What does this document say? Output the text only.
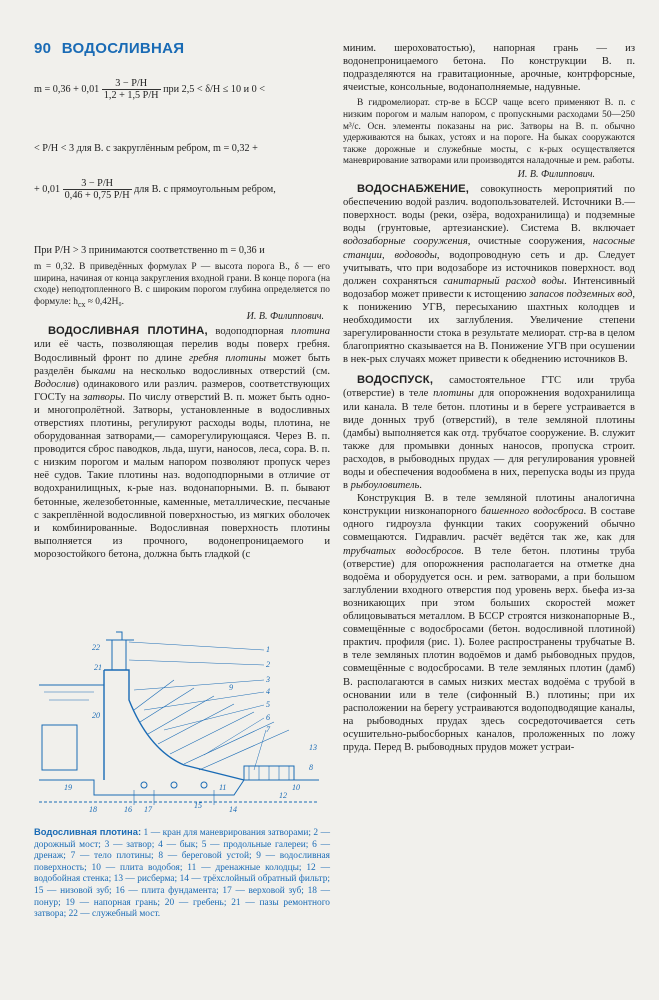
90 ВОДОСЛИВНАЯ
$m = 0,36 + 0,01 \frac{3 - P/H}{1,2 + 1,5 P/H}$ при 2,5 < δ/H ≤ 10 и 0 <
< P/H < 3 для В. с закруглённым ребром, m = 0,32 +
+ $0,01 \frac{3 - P/H}{0,46 + 0,75 P/H}$ для В. с прямоугольным ребром,
При P/H > 3 принимаются соответственно m = 0,36 и

m = 0,32. В приведённых формулах P — высота порога В., δ — его ширина, начиная от конца закругления входной грани. В конце порога (на сходе) неподтопленного В. с широким порогом глубина определяется по формуле: $h_{cx} \approx 0,42H_0$.

И. В. Филиппович.

ВОДОСЛИВНАЯ ПЛОТИНА, водоподпорная плотина или её часть, позволяющая перелив воды поверх гребня. Водосливный фронт по длине гребня плотины может быть разделён быками на несколько водосливных отверстий (см. Водослив) одинакового или различ. размеров, соответствующих ГОСТу на затворы. По числу отверстий В. п. может быть одно- и многопролётной. Затворы, установленные в водосливных отверстиях плотины, регулируют расходы воды, плотина, не оборудованная затворами,— саморегулирующаяся. Через В. п. проводится сброс паводков, льда, шуги, наносов, леса, сора. В. п. с низким порогом и малым напором позволяют пропуск через неё судов. Такие плотины наз. водоподпорными в отличие от водохранилищных, к-рые наз. водонапорными. В. п. бывают бетонные, железобетонные, каменные, металлические, песчаные с закреплённой водосливной поверхностью, из мягких оболочек и комбинированные. Водосливная поверхность плотины выполняется из прочного, водонепроницаемого и морозостойкого бетона, должна быть гладкой (с

1
2
3
4
5
6
7
8
9
10
11
12
13
14
15
16 17
18
19
20
21
22
Водосливная плотина: 1 — кран для маневрирования затворами; 2 — дорожный мост; 3 — затвор; 4 — бык; 5 — продольные галереи; 6 — дренаж; 7 — тело плотины; 8 — береговой устой; 9 — водосливная поверхность; 10 — плита водобоя; 11 — дренажные колодцы; 12 — водобойная стенка; 13 — рисберма; 14 — трёхслойный обратный фильтр; 15 — низовой зуб; 16 — плита фундамента; 17 — верховой зуб; 18 — понур; 19 — напорная грань; 20 — гребень; 21 — пазы ремонтного затвора; 22 — служебный мост.

миним. шероховатостью), напорная грань — из водонепроницаемого бетона. По конструкции В. п. подразделяются на гравитационные, арочные, контрфорсные, ячеистые, консольные, водонаполняемые, надувные.

В гидромелиорат. стр-ве в БССР чаще всего применяют В. п. с низким порогом и малым напором, с пропускными расходами 50—250 м³/с. Осн. элементы показаны на рис. Затворы на В. п. обычно удерживаются на быках, устоях и на пороге. На быках сооружаются также дорожные и служебные мосты, с к-рых осуществляется маневрирование затворами или производятся наладочные и рем. работы.

И. В. Филиппович.

ВОДОСНАБЖЕНИЕ, совокупность мероприятий по обеспечению водой различ. водопользователей. Источники В.— поверхност. воды (реки, озёра, водохранилища) и подземные воды (грунтовые, артезианские). Система В. включает водозаборные сооружения, очистные сооружения, насосные станции, водоводы, водопроводную сеть и др. Следует учитывать, что при водозаборе из источников поверхност. вод должен сохраняться санитарный расход воды. Интенсивный водозабор может привести к истощению запасов подземных вод, к понижению УГВ, пересыханию шахтных колодцев и необходимости их заглубления. Увеличение степени зарегулированности стока в результате мелиорат. стр-ва в целом благоприятно сказывается на В. Понижение УГВ при осушении в нек-рых случаях может привести к обеднению источников В.

ВОДОСПУСК, самостоятельное ГТС или труба (отверстие) в теле плотины для опорожнения водохранилища или канала. В теле бетон. плотины и в береге устраивается в виде донных труб (отверстий), в теле земляной плотины (дамбы) выполняется как отд. трубчатое сооружение. В. служит также для промывки донных наносов, пропуска строит. расходов, в рыбоводных прудах — для регулирования уровней воды и обеспечения водообмена в них, перепуска воды из пруда в рыбоуловитель.

Конструкция В. в теле земляной плотины аналогична конструкции низконапорного башенного водосброса. В составе одного гидроузла функции таких сооружений обычно совмещаются. Гидравлич. расчёт ведётся так же, как для трубчатых водосбросов. В теле бетон. плотины труба (отверстие) для опорожнения располагается на отметке дна водоёма и оборудуется осн. и рем. затворами, а при большом заглублении входного отверстия под уровень верх. бьефа из-за возникающих при этом больших скоростей может облицовываться металлом. В БССР строятся низконапорные В., совмещённые с водосбросами (бетон. водосливной плотиной) практич. профиля (рис. 1). Более распространены трубчатые В. в теле земляных плотин водоёмов и дамб рыбоводных прудов, совмещённые с водосбросами. В теле земляных плотин (дамб) В. располагаются в самых низких местах водоёма с трубой в основании или в теле (сифонный В.) плотины; при их расположении на берегу устраиваются водоподводящие каналы, на рыбоводных прудах здесь сосредоточивается сеть осушительно-рыбосборных каналов, проложенных по ложу пруда. Перед В. рыбоводных прудов может устраи-
